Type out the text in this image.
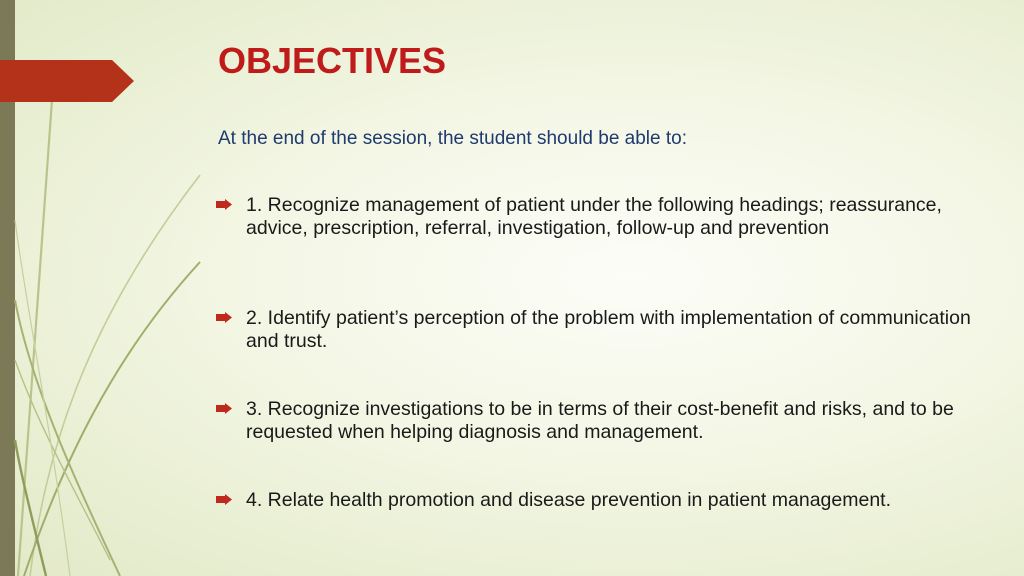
OBJECTIVES

At the end of the session, the student should be able to:

1. Recognize management of patient under the following headings; reassurance, advice, prescription, referral, investigation, follow-up and prevention
2. Identify patient’s perception of the problem with implementation of communication and trust.
3. Recognize investigations to be in terms of their cost-benefit and risks, and to be requested when helping diagnosis and management.
4. Relate health promotion and disease prevention in patient management.
